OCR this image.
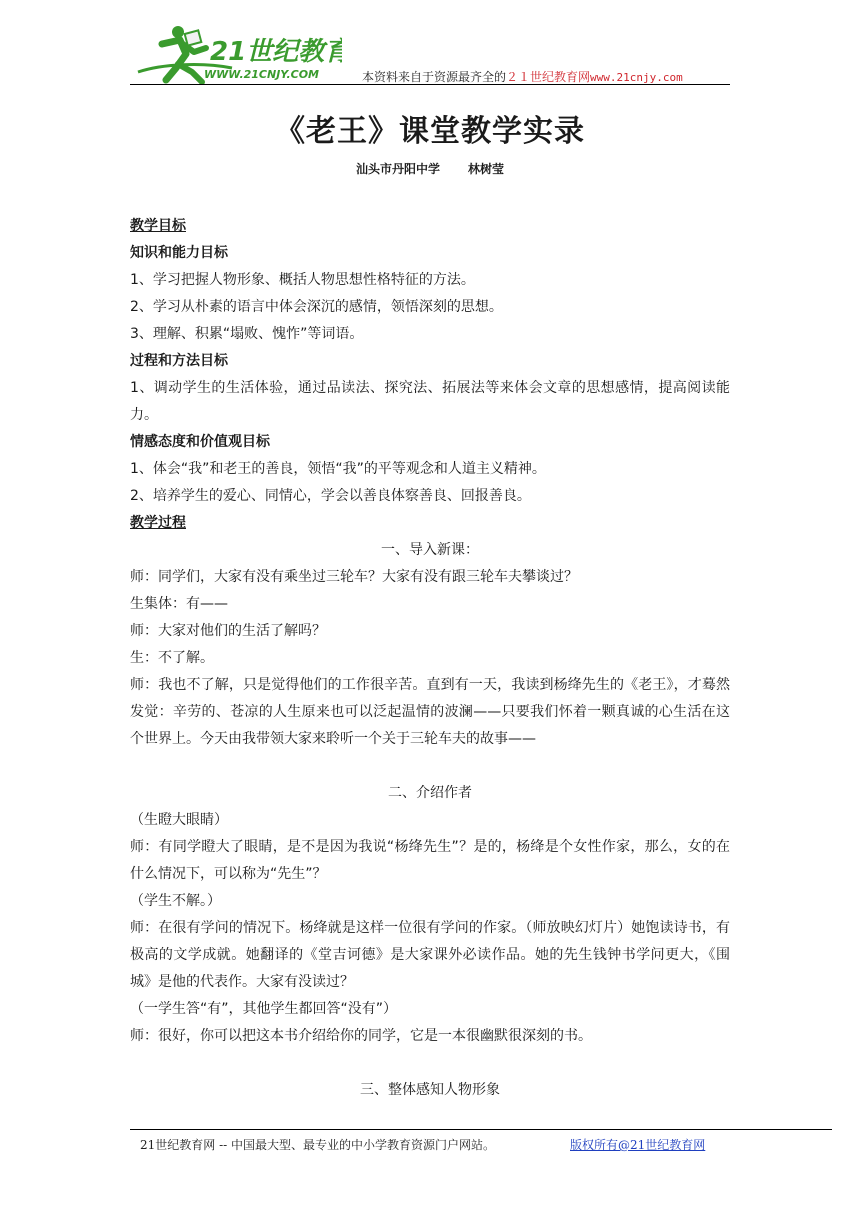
21世纪教育
WWW.21CNJY.COM	本资料来自于资源最齐全的２１世纪教育网www.21cnjy.com
《老王》课堂教学实录
汕头市丹阳中学 林树莹

教学目标

知识和能力目标

1、学习把握人物形象、概括人物思想性格特征的方法。

2、学习从朴素的语言中体会深沉的感情，领悟深刻的思想。

3、理解、积累“塌败、愧怍”等词语。

过程和方法目标

1、调动学生的生活体验，通过品读法、探究法、拓展法等来体会文章的思想感情，提高阅读能力。

情感态度和价值观目标

1、体会“我”和老王的善良，领悟“我”的平等观念和人道主义精神。

2、培养学生的爱心、同情心，学会以善良体察善良、回报善良。

教学过程

一、导入新课：

师：同学们，大家有没有乘坐过三轮车？大家有没有跟三轮车夫攀谈过？

生集体：有——

师：大家对他们的生活了解吗？

生：不了解。

师：我也不了解，只是觉得他们的工作很辛苦。直到有一天，我读到杨绛先生的《老王》，才蓦然发觉：辛劳的、苍凉的人生原来也可以泛起温情的波澜——只要我们怀着一颗真诚的心生活在这个世界上。今天由我带领大家来聆听一个关于三轮车夫的故事——

二、介绍作者

（生瞪大眼睛）

师：有同学瞪大了眼睛，是不是因为我说“杨绛先生”？是的，杨绛是个女性作家，那么，女的在什么情况下，可以称为“先生”？

（学生不解。）

师：在很有学问的情况下。杨绛就是这样一位很有学问的作家。（师放映幻灯片）她饱读诗书，有极高的文学成就。她翻译的《堂吉诃德》是大家课外必读作品。她的先生钱钟书学问更大，《围城》是他的代表作。大家有没读过？

（一学生答“有”，其他学生都回答“没有”）

师：很好，你可以把这本书介绍给你的同学，它是一本很幽默很深刻的书。

三、整体感知人物形象

21世纪教育网 -- 中国最大型、最专业的中小学教育资源门户网站。	版权所有@21世纪教育网
